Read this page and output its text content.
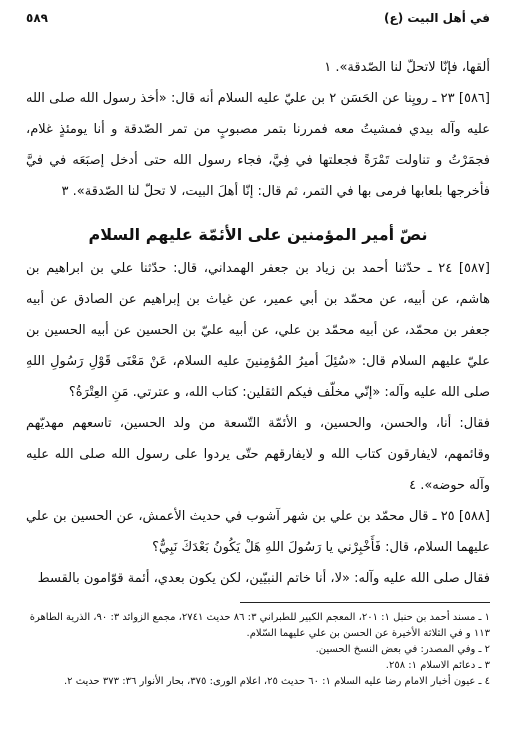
في أهل البيت (ع)
٥٨٩

ألقها، فإنّا لاتحلّ لنا الصّدقة». ١

[٥٨٦] ٢٣ ـ رويِنا عن الحَسَن ٢ بن عليّ عليه السلام أنه قال: «أخذ رسول الله صلى الله عليه وآله بيدي فمشيتُ معه فمررنا بتمر مصبوبٍ من تمر الصّدقة و أنا يومئذٍ غلام، فجمَرْتُ و تناولت تَمْرَةً فجعلتها في فِيَّ، فجاء رسول الله حتى أدخل إصبَعَه في فيَّ فأخرجها بلعابها فرمى بها في التمر، ثم قال: إنّا أهلَ البيت، لا تحلّ لنا الصّدقة». ٣

نصّ أمير المؤمنين على الأئمّة عليهم السلام

[٥٨٧] ٢٤ ـ حدّثنا أحمد بن زياد بن جعفر الهمداني، قال: حدّثنا علي بن ابراهيم بن هاشم، عن أبيه، عن محمّد بن أبي عمير، عن غياث بن إبراهيم عن الصادق عن أبيه جعفر بن محمّد، عن أبيه محمّد بن علي، عن أبيه عليّ بن الحسين عن أبيه الحسين بن عليّ عليهم السلام قال: «سُئِلَ أميرُ المُؤمِنينَ عليه السلام، عَنْ مَعْنَى قَوْلِ رَسُولِ اللهِ صلى الله عليه وآله: «إنّي مخلّف فيكم الثقلين: كتاب الله، و عترتي. مَنِ العِتْرَةُ؟

فقال: أنا، والحسن، والحسين، و الأئمّة التّسعة من ولد الحسين، تاسعهم مهديّهم وقائمهم، لايفارقون كتاب الله و لايفارقهم حتّى يردوا على رسول الله صلى الله عليه وآله حوضه». ٤

[٥٨٨] ٢٥ ـ قال محمّد بن علي بن شهر آشوب في حديث الأعمش، عن الحسين بن علي عليهما السلام، قال: فَأَخْبِرْني يا رَسُولَ اللهِ هَلْ يَكُونُ بَعْدَكَ نَبِيٌّ؟

فقال صلى الله عليه وآله: «لا، أنا خاتم النبيّين، لكن يكون بعدي، أئمة قوّامون بالقسط

١ ـ مسند أحمد بن حنبل ١: ٢٠١، المعجم الكبير للطبراني ٣: ٨٦ حديث ٢٧٤١، مجمع الزوائد ٣: ٩٠، الذرية الطاهرة ١١٣ و في الثلاثة الأخيرة عن الحسن بن علي عليهما السّلام.

٢ ـ وفي المصدر: في بعض النسخ الحسين.

٣ ـ دعائم الاسلام ١: ٢٥٨.

٤ ـ عيون أخبار الامام رضا عليه السلام ١: ٦٠ حديث ٢٥، اعلام الورى: ٣٧٥، بحار الأنوار ٣٦: ٣٧٣ حديث ٢.
